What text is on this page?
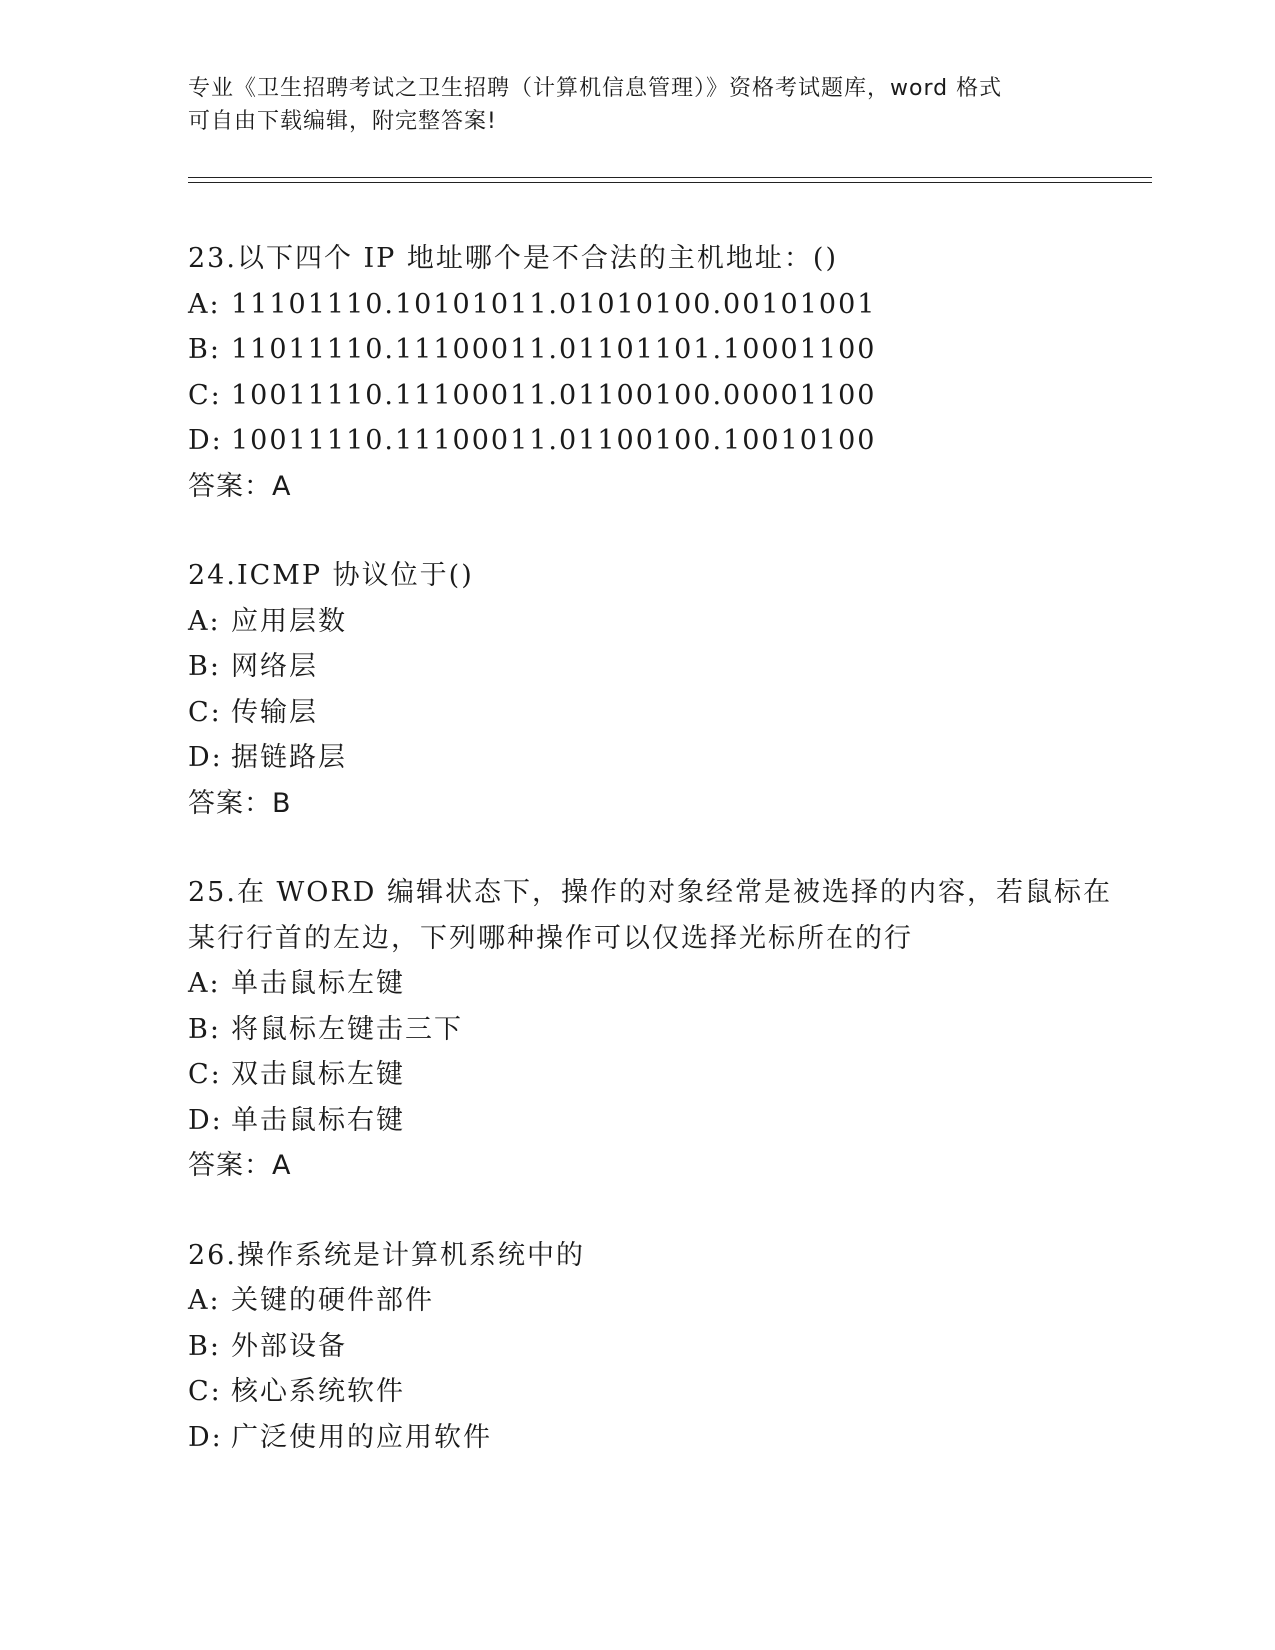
专业《卫生招聘考试之卫生招聘（计算机信息管理）》资格考试题库，word 格式
可自由下载编辑，附完整答案!
23.以下四个 IP 地址哪个是不合法的主机地址：()
A: 11101110.10101011.01010100.00101001
B: 11011110.11100011.01101101.10001100
C: 10011110.11100011.01100100.00001100
D: 10011110.11100011.01100100.10010100
答案：A
24.ICMP 协议位于()
A: 应用层数
B: 网络层
C: 传输层
D: 据链路层
答案：B
25.在 WORD 编辑状态下，操作的对象经常是被选择的内容，若鼠标在
某行行首的左边，下列哪种操作可以仅选择光标所在的行
A: 单击鼠标左键
B: 将鼠标左键击三下
C: 双击鼠标左键
D: 单击鼠标右键
答案：A
26.操作系统是计算机系统中的
A: 关键的硬件部件
B: 外部设备
C: 核心系统软件
D: 广泛使用的应用软件
